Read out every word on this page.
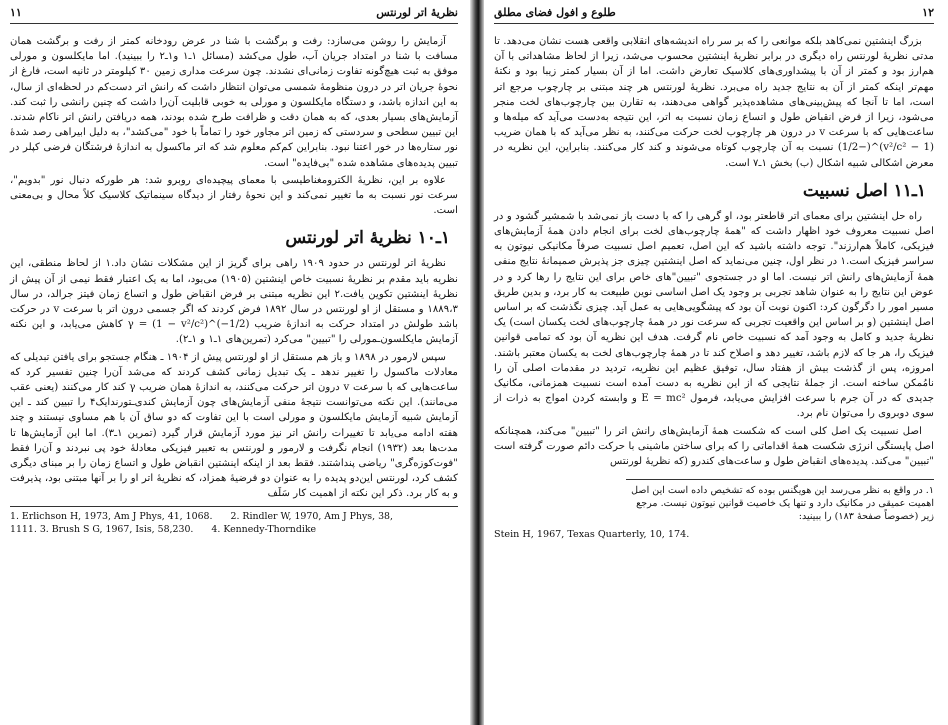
نظریهٔ اتر لورنتس
۱۱

آزمایش را روشن می‌سازد: رفت و برگشت با شنا در عرض رودخانه کمتر از رفت و برگشت همان مسافت با شنا در امتداد جریان آب، طول می‌کشد (مسائل ۱ـ۱ و۱ـ۲ را ببینید). اما مایکلسون و مورلی موفق به ثبت هیچ‌گونه تفاوت زمانی‌ای نشدند. چون سرعت مداری زمین ۳۰ کیلومتر در ثانیه است، فارغ از نحوهٔ جریان اتر در درون منظومهٔ شمسی می‌توان انتظار داشت که رانش اتر دست‌کم در لحظه‌ای از سال، به این اندازه باشد، و دستگاه مایکلسون و مورلی به خوبی قابلیت آن‌را داشت که چنین رانشی را ثبت کند. آزمایش‌های بسیار بعدی، که به همان دقت و ظرافت طرح شده بودند، همه دریافتن رانش اتر ناکام شدند. این تبیین سطحی و سردستی که زمین اتر مجاور خود را تماماً با خود "می‌کشد"، به دلیل ابیراهی رصد شدهٔ نور ستاره‌ها در خور اعتنا نبود. بنابراین کم‌کم معلوم شد که اتر ماکسول به اندازهٔ فرشتگان فرضی کپلر در تبیین پدیده‌های مشاهده شده "بی‌فایده" است.

علاوه بر این، نظریهٔ الکترومغناطیسی با معمای پیچیده‌ای روبرو شد: هر طورکه دنبال نور "بدویم"، سرعت نور نسبت به ما تغییر نمی‌کند و این نحوهٔ رفتار از دیدگاه سینماتیک کلاسیک کلاً محال و بی‌معنی است.

۱ـ۱۰ نظریهٔ اتر لورنتس

نظریهٔ اتر لورنتس در حدود ۱۹۰۹ راهی برای گریز از این مشکلات نشان داد.۱ از لحاظ منطقی، این نظریه باید مقدم بر نظریهٔ نسبیت خاص اینشتین (۱۹۰۵) می‌بود، اما به یک اعتبار فقط نیمی از آن پیش از نظریهٔ اینشتین تکوین یافت.۲ این نظریه مبتنی بر فرض انقباض طول و اتساع زمان فیتز جرالد، در سال ۱۸۸۹،۳ و مستقل از او لورنتس در سال ۱۸۹۲ فرض کردند که اگر جسمی درون اتر با سرعت v در حرکت باشد طولش در امتداد حرکت به اندازهٔ ضریب γ = (1 − v²/c²)^(−1/2) کاهش می‌یابد، و این نکته آزمایش مایکلسون‌ـمورلی را "تبیین" می‌کرد (تمرین‌های ۱ـ۱ و ۱ـ۲).

سپس لارمور در ۱۸۹۸ و باز هم مستقل از او لورنتس پیش از ۱۹۰۴ ـ هنگام جستجو برای یافتن تبدیلی که معادلات ماکسول را تغییر ندهد ـ یک تبدیل زمانی کشف کردند که می‌شد آن‌را چنین تفسیر کرد که ساعت‌هایی که با سرعت v درون اتر حرکت می‌کنند، به اندازهٔ همان ضریب γ کند کار می‌کنند (یعنی عقب می‌مانند). این نکته می‌توانست نتیجهٔ منفی آزمایش‌های چون آزمایش کندی‌ـتورندایک۴ را تبیین کند ـ این آزمایش شبیه آزمایش مایکلسون و مورلی است با این تفاوت که دو ساق آن با هم مساوی نیستند و چند هفته ادامه می‌یابد تا تغییرات رانش اتر نیز مورد آزمایش قرار گیرد (تمرین ۱ـ۳). اما این آزمایش‌ها تا مدت‌ها بعد (۱۹۳۲) انجام نگرفت و لارمور و لورنتس به تعبیر فیزیکی معادلهٔ خود پی نبردند و آن‌را فقط "فوت‌کوزه‌گری" ریاضی پنداشتند. فقط بعد از اینکه اینشتین انقباض طول و اتساع زمان را بر مبنای دیگری کشف کرد، لورنتس این‌دو پدیده را به عنوان دو فرضیهٔ همزاد، که نظریهٔ اتر او را بر آنها مبتنی بود، پذیرفت و به کار برد. ذکر این نکته از اهمیت کار سَلَف

1. Erlichson H, 1973, Am J Phys, 41, 1068. 2. Rindler W, 1970, Am J Phys, 38,
1111. 3. Brush S G, 1967, Isis, 58,230. 4. Kennedy-Thorndike
۱۲
طلوع و افول فضای مطلق

بزرگ اینشتین نمی‌کاهد بلکه موانعی را که بر سر راه اندیشه‌های انقلابی واقعی هست نشان می‌دهد. تا مدتی نظریهٔ لورنتس راه دیگری در برابر نظریهٔ اینشتین محسوب می‌شد، زیرا از لحاظ مشاهداتی با آن هم‌ارز بود و کمتر از آن با پیشداوری‌های کلاسیک تعارض داشت. اما از آن بسیار کمتر زیبا بود و نکتهٔ مهم‌تر اینکه کمتر از آن به نتایج جدید راه می‌برد. نظریهٔ لورنتس هر چند مبتنی بر چارچوب مرجع اتر است، اما تا آنجا که پیش‌بینی‌های مشاهده‌پذیر گواهی می‌دهند، به تقارن بین چارچوب‌های لخت منجر می‌شود، زیرا از فرض انقباض طول و اتساع زمان نسبت به اتر، این نتیجه به‌دست می‌آید که میله‌ها و ساعت‌هایی که با سرعت v در درون هر چارچوب لخت حرکت می‌کنند، به نظر می‌آید که با همان ضریب (1 − v²/c²)^(−1/2) نسبت به آن چارچوب کوتاه می‌شوند و کند کار می‌کنند. بنابراین، این نظریه در معرض اشکالی شبیه اشکال (ب) بخش ۱ـ۷ است.

۱ـ۱۱ اصل نسبیت

راه حل اینشتین برای معمای اتر قاطعتر بود، او گرهی را که با دست باز نمی‌شد با شمشیر گشود و در اصل نسبیت معروف خود اظهار داشت که "همهٔ چارچوب‌های لخت برای انجام دادن همهٔ آزمایش‌های فیزیکی، کاملاً هم‌ارزند". توجه داشته باشید که این اصل، تعمیم اصل نسبیت صرفاً مکانیکی نیوتون به سراسر فیزیک است.۱ در نظر اول، چنین می‌نماید که اصل اینشتین چیزی جز پذیرش صمیمانهٔ نتایج منفی همهٔ آزمایش‌های رانش اتر نیست. اما او در جستجوی "تبیین"های خاص برای این نتایج را رها کرد و در عوض این نتایج را به عنوان شاهد تجربی بر وجود یک اصل اساسی نوین طبیعت به کار برد، و بدین طریق مسیر امور را دگرگون کرد: اکنون نوبت آن بود که پیشگویی‌هایی به عمل آید. چیزی نگذشت که بر اساس اصل اینشتین (و بر اساس این واقعیت تجربی که سرعت نور در همهٔ چارچوب‌های لخت یکسان است) یک نظریهٔ جدید و کامل به وجود آمد که نسبیت خاص نام گرفت. هدف این نظریه آن بود که تمامی قوانین فیزیک را، هر جا که لازم باشد، تغییر دهد و اصلاح کند تا در همهٔ چارچوب‌های لخت به یکسان معتبر باشند. امروزه، پس از گذشت بیش از هفتاد سال، توفیق عظیم این نظریه، تردید در مقدمات اصلی آن را نامُمکن ساخته است. از جملهٔ نتایجی که از این نظریه به دست آمده است نسبیت همزمانی، مکانیک جدیدی که در آن جرم با سرعت افزایش می‌یابد، فرمول E = mc² و وابسته کردن امواج به ذرات از سوی دوبروی را می‌توان نام برد.

اصل نسبیت یک اصل کلی است که شکست همهٔ آزمایش‌های رانش اتر را "تبیین" می‌کند، همچنانکه اصل پایستگی انرژی شکست همهٔ اقداماتی را که برای ساختن ماشینی با حرکت دائم صورت گرفته است "تبیین" می‌کند. پدیده‌های انقباض طول و ساعت‌های کندرو (که نظریهٔ لورنتس

۱. در واقع به نظر می‌رسد این هویگنس بوده که تشخیص داده است این اصل اهمیت عمیقی در مکانیک دارد و تنها یک خاصیت قوانین نیوتون نیست. مرجع زیر (خصوصاً صفحهٔ ۱۸۳) را ببینید:
Stein H, 1967, Texas Quarterly, 10, 174.
